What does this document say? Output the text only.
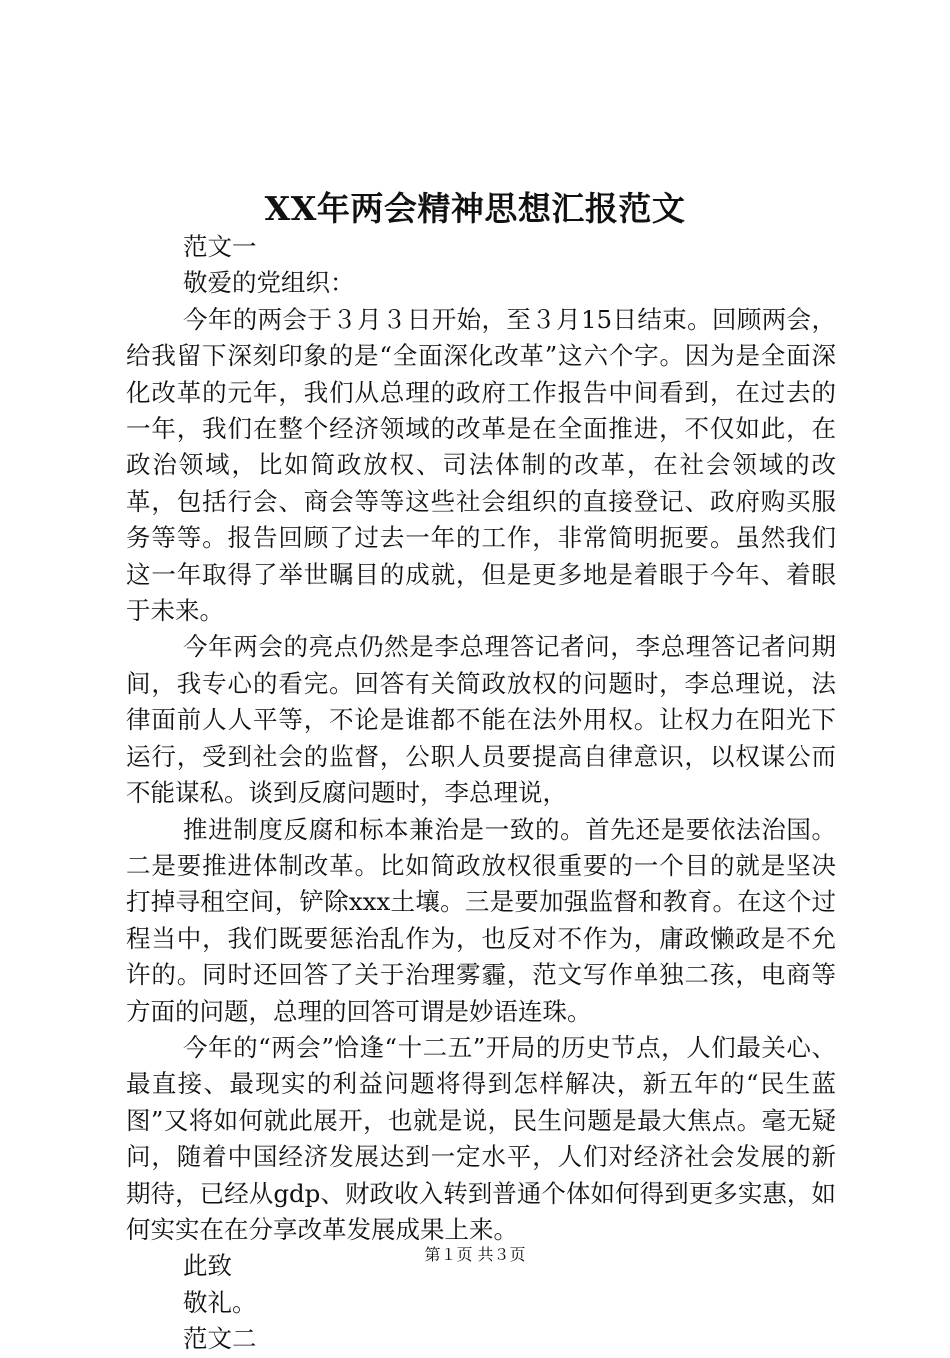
XX年两会精神思想汇报范文

范文一

敬爱的党组织：

今年的两会于３月３日开始，至３月15日结束。回顾两会，给我留下深刻印象的是“全面深化改革”这六个字。因为是全面深化改革的元年，我们从总理的政府工作报告中间看到，在过去的一年，我们在整个经济领域的改革是在全面推进，不仅如此，在政治领域，比如简政放权、司法体制的改革，在社会领域的改革，包括行会、商会等等这些社会组织的直接登记、政府购买服务等等。报告回顾了过去一年的工作，非常简明扼要。虽然我们这一年取得了举世瞩目的成就，但是更多地是着眼于今年、着眼于未来。

今年两会的亮点仍然是李总理答记者问，李总理答记者问期间，我专心的看完。回答有关简政放权的问题时，李总理说，法律面前人人平等，不论是谁都不能在法外用权。让权力在阳光下运行，受到社会的监督，公职人员要提高自律意识，以权谋公而不能谋私。谈到反腐问题时，李总理说，

推进制度反腐和标本兼治是一致的。首先还是要依法治国。二是要推进体制改革。比如简政放权很重要的一个目的就是坚决打掉寻租空间，铲除xxx土壤。三是要加强监督和教育。在这个过程当中，我们既要惩治乱作为，也反对不作为，庸政懒政是不允许的。同时还回答了关于治理雾霾，范文写作单独二孩，电商等方面的问题，总理的回答可谓是妙语连珠。

今年的“两会”恰逢“十二五”开局的历史节点，人们最关心、最直接、最现实的利益问题将得到怎样解决，新五年的“民生蓝图”又将如何就此展开，也就是说，民生问题是最大焦点。毫无疑问，随着中国经济发展达到一定水平，人们对经济社会发展的新期待，已经从gdp、财政收入转到普通个体如何得到更多实惠，如何实实在在分享改革发展成果上来。

此致

敬礼。

范文二

第１页 共３页
